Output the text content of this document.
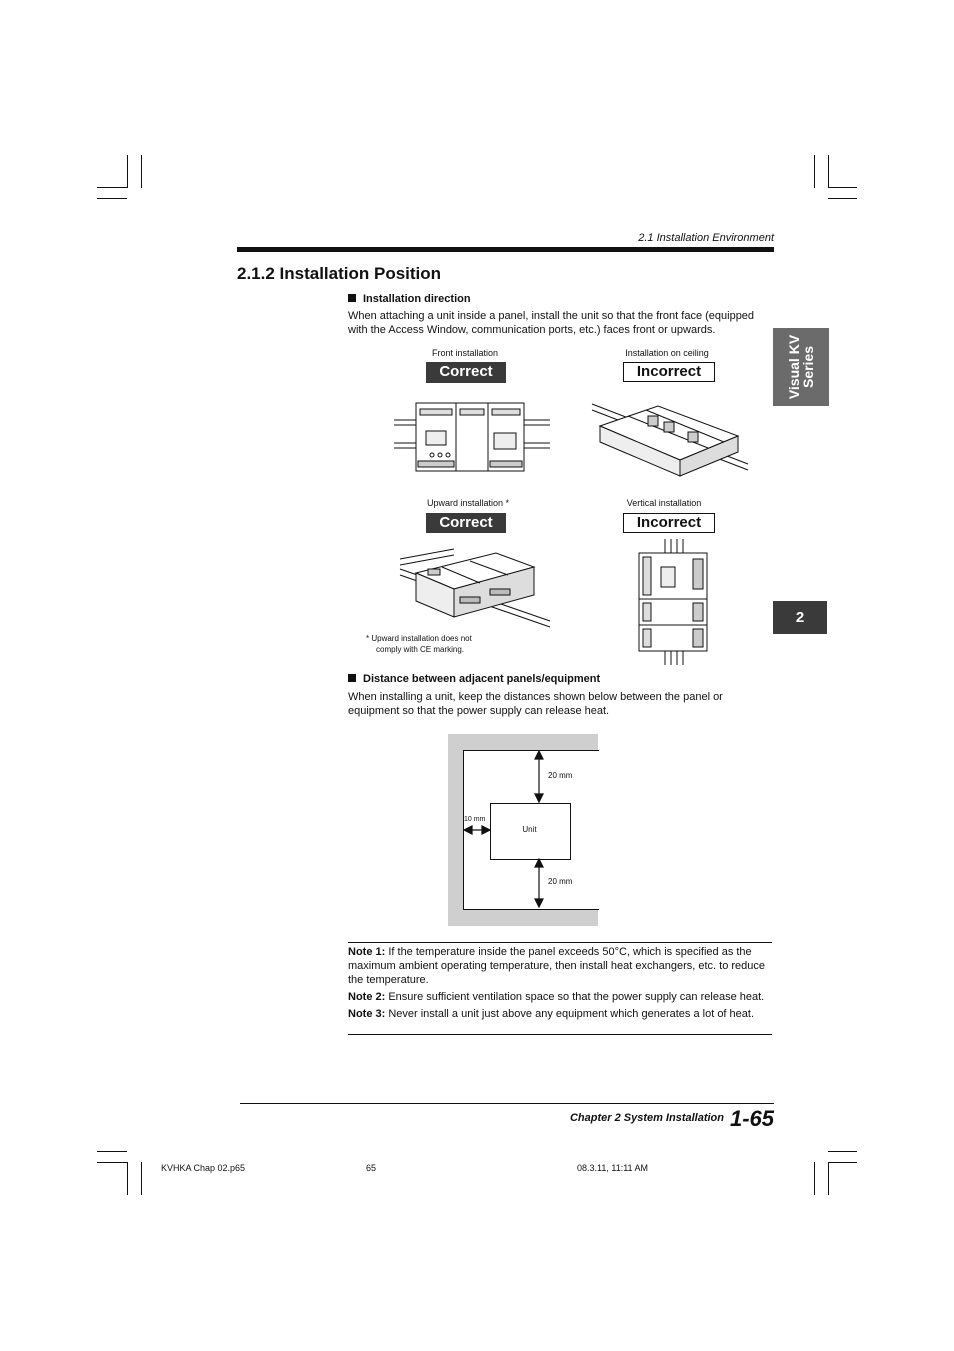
2.1 Installation Environment
2.1.2 Installation Position
Visual KV
Series
2
Installation direction
When attaching a unit inside a panel, install the unit so that the front face (equipped with the Access Window, communication ports, etc.) faces front or upwards.
Front installation
Correct
Installation on ceiling
Incorrect
Upward installation *
Correct
* Upward installation does not
comply with CE marking.
Vertical installation
Incorrect
Distance between adjacent panels/equipment
When installing a unit, keep the distances shown below between the panel or equipment so that the power supply can release heat.
Unit
20 mm
10 mm
20 mm

Note 1: If the temperature inside the panel exceeds 50°C, which is specified as the maximum ambient operating temperature, then install heat exchangers, etc. to reduce the temperature.

Note 2: Ensure sufficient ventilation space so that the power supply can release heat.

Note 3: Never install a unit just above any equipment which generates a lot of heat.

Chapter 2 System Installation 1-65
KVHKA Chap 02.p65	65	08.3.11, 11:11 AM
